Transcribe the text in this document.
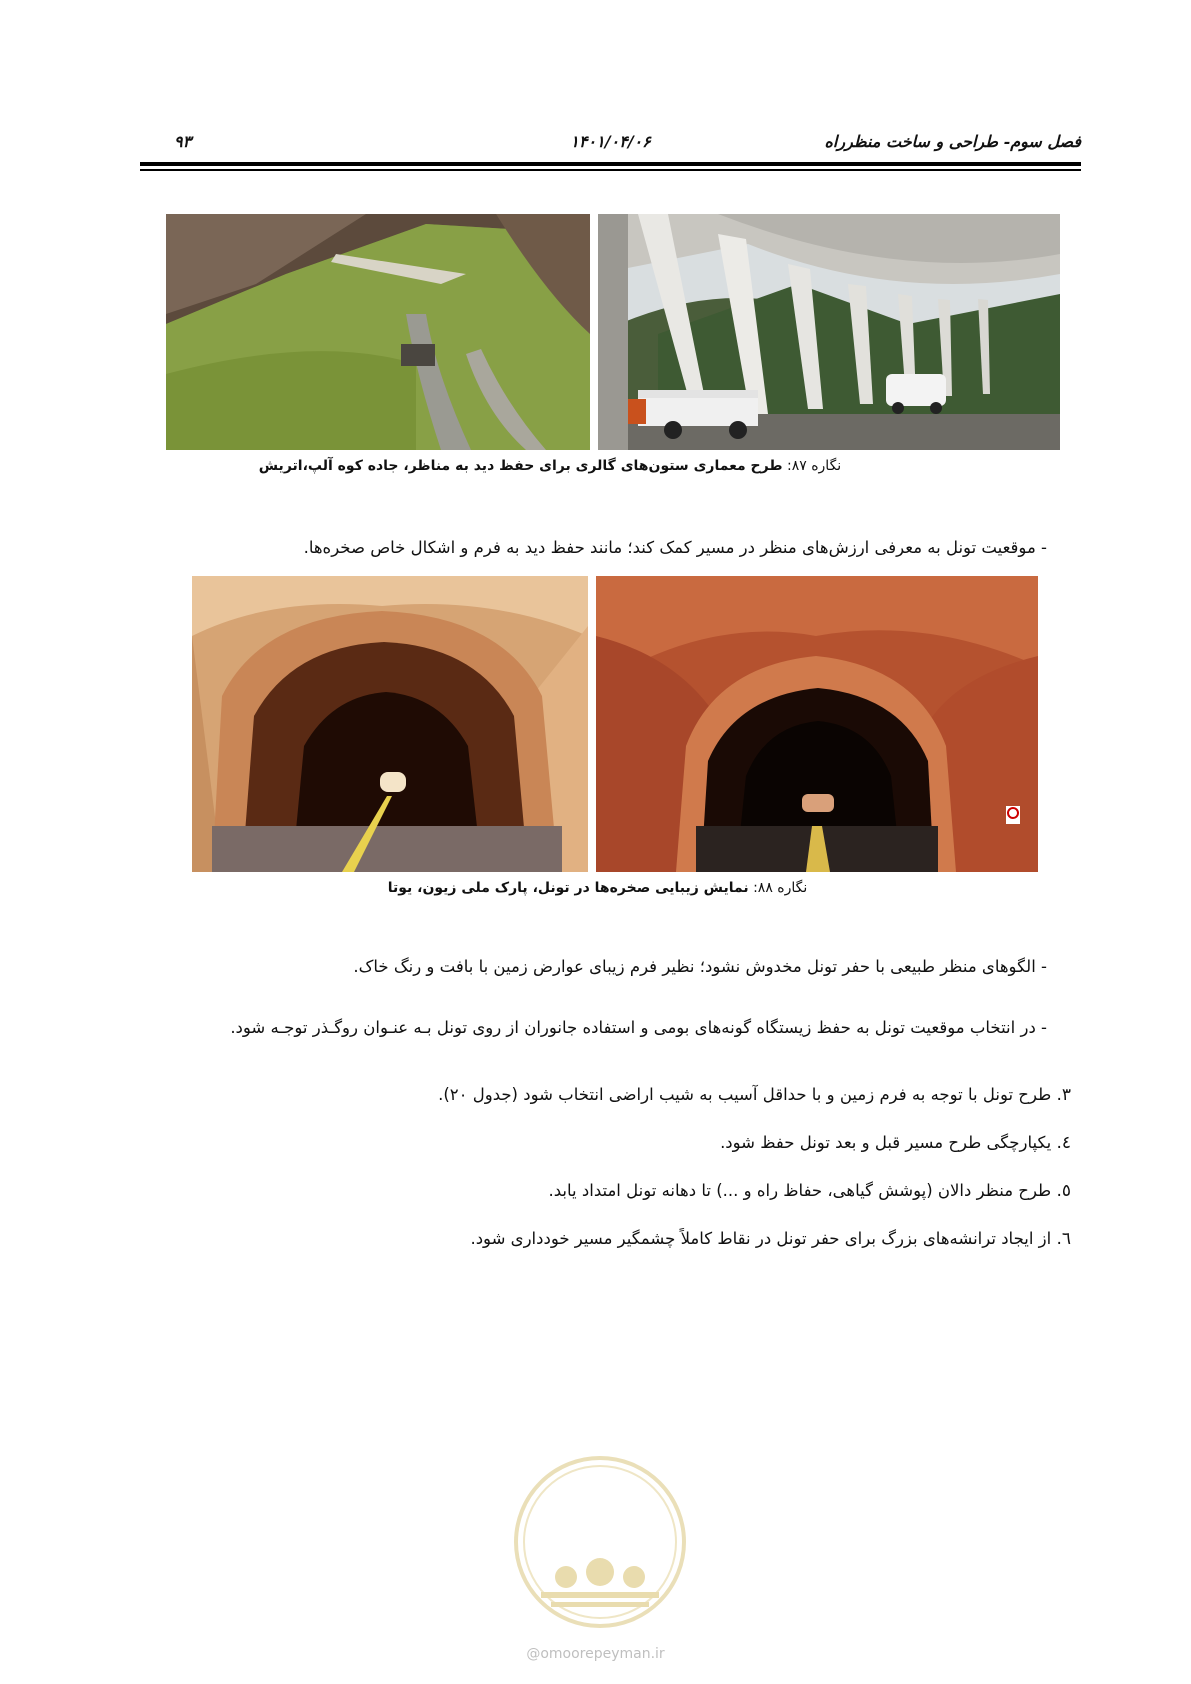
فصل سوم- طراحی و ساخت منظرراه
۱۴۰۱/۰۴/۰۶
۹۳
نگاره ۸۷: طرح معماری ستون‌های گالری برای حفظ دید به مناظر، جاده کوه آلپ،اتریش
- موقعیت تونل به معرفی ارزش‌های منظر در مسیر کمک کند؛ مانند حفظ دید به فرم و اشکال خاص صخره‌ها.
نگاره ۸۸: نمایش زیبایی صخره‌ها در تونل، پارک ملی زیون، یوتا
- الگوهای منظر طبیعی با حفر تونل مخدوش نشود؛ نظیر فرم زیبای عوارض زمین با بافت و رنگ خاک.
- در انتخاب موقعیت تونل به حفظ زیستگاه گونه‌های بومی و استفاده جانوران از روی تونل بـه عنـوان روگـذر توجـه شود.
٣. طرح تونل با توجه به فرم زمین و با حداقل آسیب به شیب اراضی انتخاب شود (جدول ۲۰).
٤. یکپارچگی طرح مسیر قبل و بعد تونل حفظ شود.
٥. طرح منظر دالان (پوشش گیاهی، حفاظ راه و ...) تا دهانه تونل امتداد یابد.
٦. از ایجاد ترانشه‌های بزرگ برای حفر تونل در نقاط کاملاً چشمگیر مسیر خودداری شود.
@omoorepeyman.ir
